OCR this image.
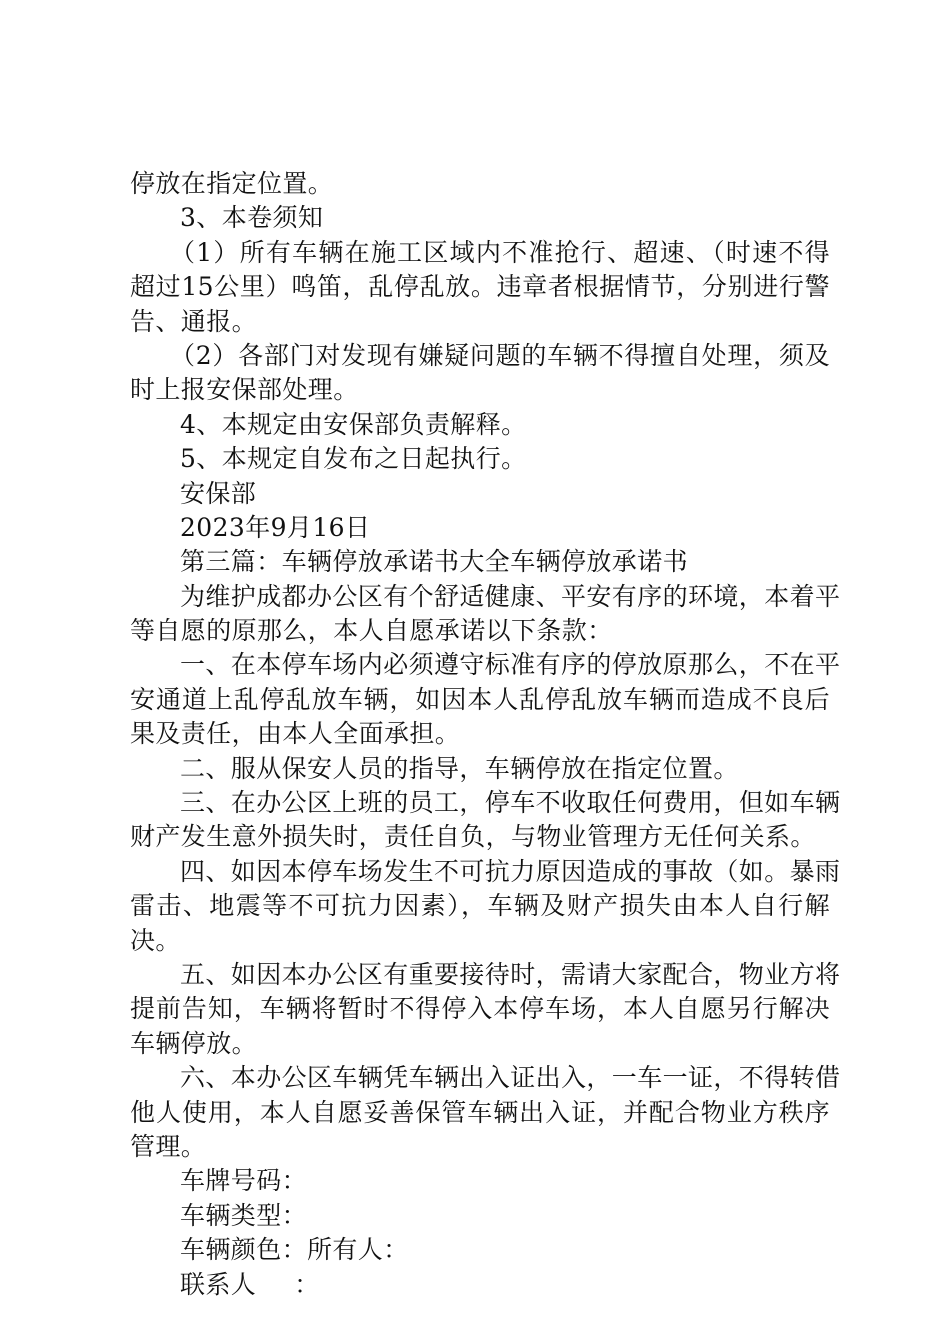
停放在指定位置。
3、本卷须知
（1）所有车辆在施工区域内不准抢行、超速、（时速不得
超过15公里）鸣笛，乱停乱放。违章者根据情节，分别进行警
告、通报。
（2）各部门对发现有嫌疑问题的车辆不得擅自处理，须及
时上报安保部处理。
4、本规定由安保部负责解释。
5、本规定自发布之日起执行。
安保部
2023年9月16日
第三篇：车辆停放承诺书大全车辆停放承诺书
为维护成都办公区有个舒适健康、平安有序的环境，本着平
等自愿的原那么，本人自愿承诺以下条款：
一、在本停车场内必须遵守标准有序的停放原那么，不在平
安通道上乱停乱放车辆，如因本人乱停乱放车辆而造成不良后
果及责任，由本人全面承担。
二、服从保安人员的指导，车辆停放在指定位置。
三、在办公区上班的员工，停车不收取任何费用，但如车辆
财产发生意外损失时，责任自负，与物业管理方无任何关系。
四、如因本停车场发生不可抗力原因造成的事故（如。暴雨
雷击、地震等不可抗力因素），车辆及财产损失由本人自行解
决。
五、如因本办公区有重要接待时，需请大家配合，物业方将
提前告知，车辆将暂时不得停入本停车场，本人自愿另行解决
车辆停放。
六、本办公区车辆凭车辆出入证出入，一车一证，不得转借
他人使用，本人自愿妥善保管车辆出入证，并配合物业方秩序
管理。
车牌号码：
车辆类型：
车辆颜色：所有人：
联系人 ：
